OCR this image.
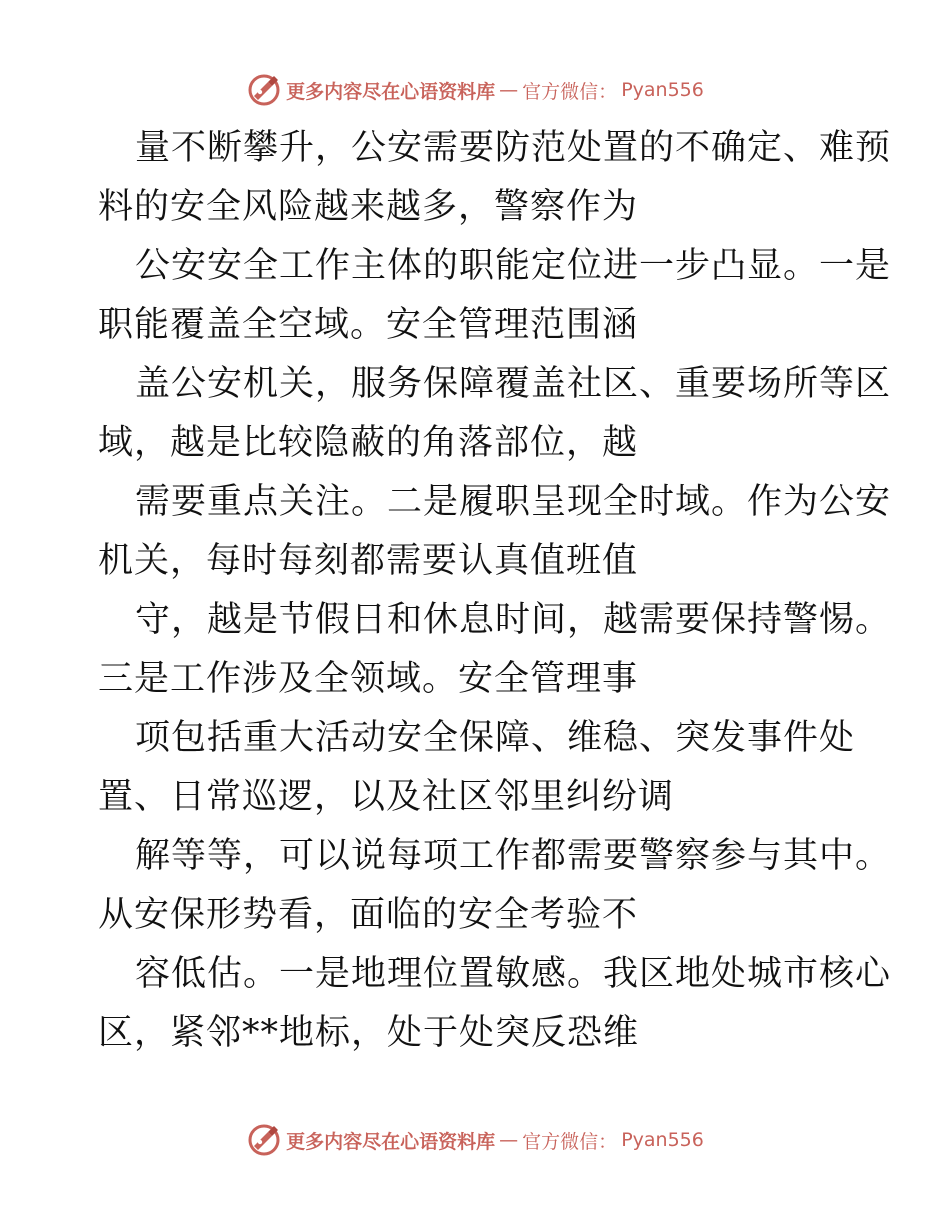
更多内容尽在心语资料库 — 官方微信： Pyan556
量不断攀升，公安需要防范处置的不确定、难预
料的安全风险越来越多，警察作为
公安安全工作主体的职能定位进一步凸显。一是
职能覆盖全空域。安全管理范围涵
盖公安机关，服务保障覆盖社区、重要场所等区
域，越是比较隐蔽的角落部位，越
需要重点关注。二是履职呈现全时域。作为公安
机关，每时每刻都需要认真值班值
守，越是节假日和休息时间，越需要保持警惕。
三是工作涉及全领域。安全管理事
项包括重大活动安全保障、维稳、突发事件处
置、日常巡逻，以及社区邻里纠纷调
解等等，可以说每项工作都需要警察参与其中。
从安保形势看，面临的安全考验不
容低估。一是地理位置敏感。我区地处城市核心
区，紧邻**地标，处于处突反恐维
更多内容尽在心语资料库 — 官方微信： Pyan556
